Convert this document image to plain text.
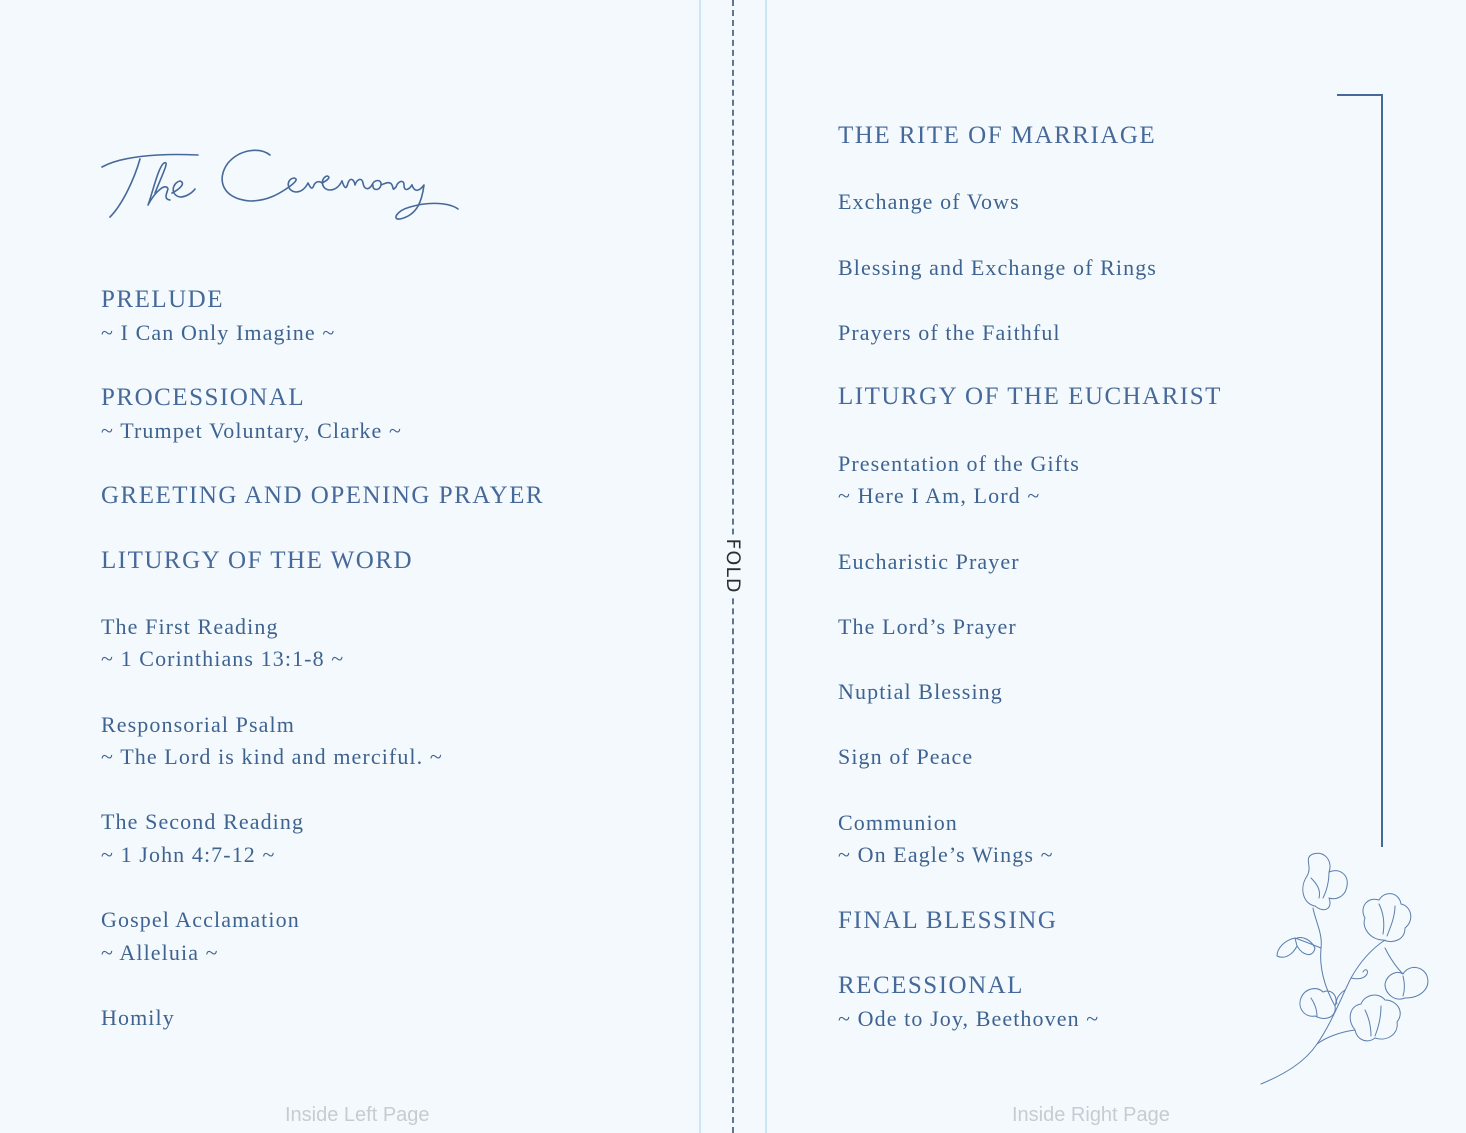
PRELUDE
~ I Can Only Imagine ~
PROCESSIONAL
~ Trumpet Voluntary, Clarke ~
GREETING AND OPENING PRAYER
LITURGY OF THE WORD
The First Reading
~ 1 Corinthians 13:1-8 ~
Responsorial Psalm
~ The Lord is kind and merciful. ~
The Second Reading
~ 1 John 4:7-12 ~
Gospel Acclamation
~ Alleluia ~
Homily
Inside Left Page
FOLD
THE RITE OF MARRIAGE
Exchange of Vows
Blessing and Exchange of Rings
Prayers of the Faithful
LITURGY OF THE EUCHARIST
Presentation of the Gifts
~ Here I Am, Lord ~
Eucharistic Prayer
The Lord’s Prayer
Nuptial Blessing
Sign of Peace
Communion
~ On Eagle’s Wings ~
FINAL BLESSING
RECESSIONAL
~ Ode to Joy, Beethoven ~
Inside Right Page
